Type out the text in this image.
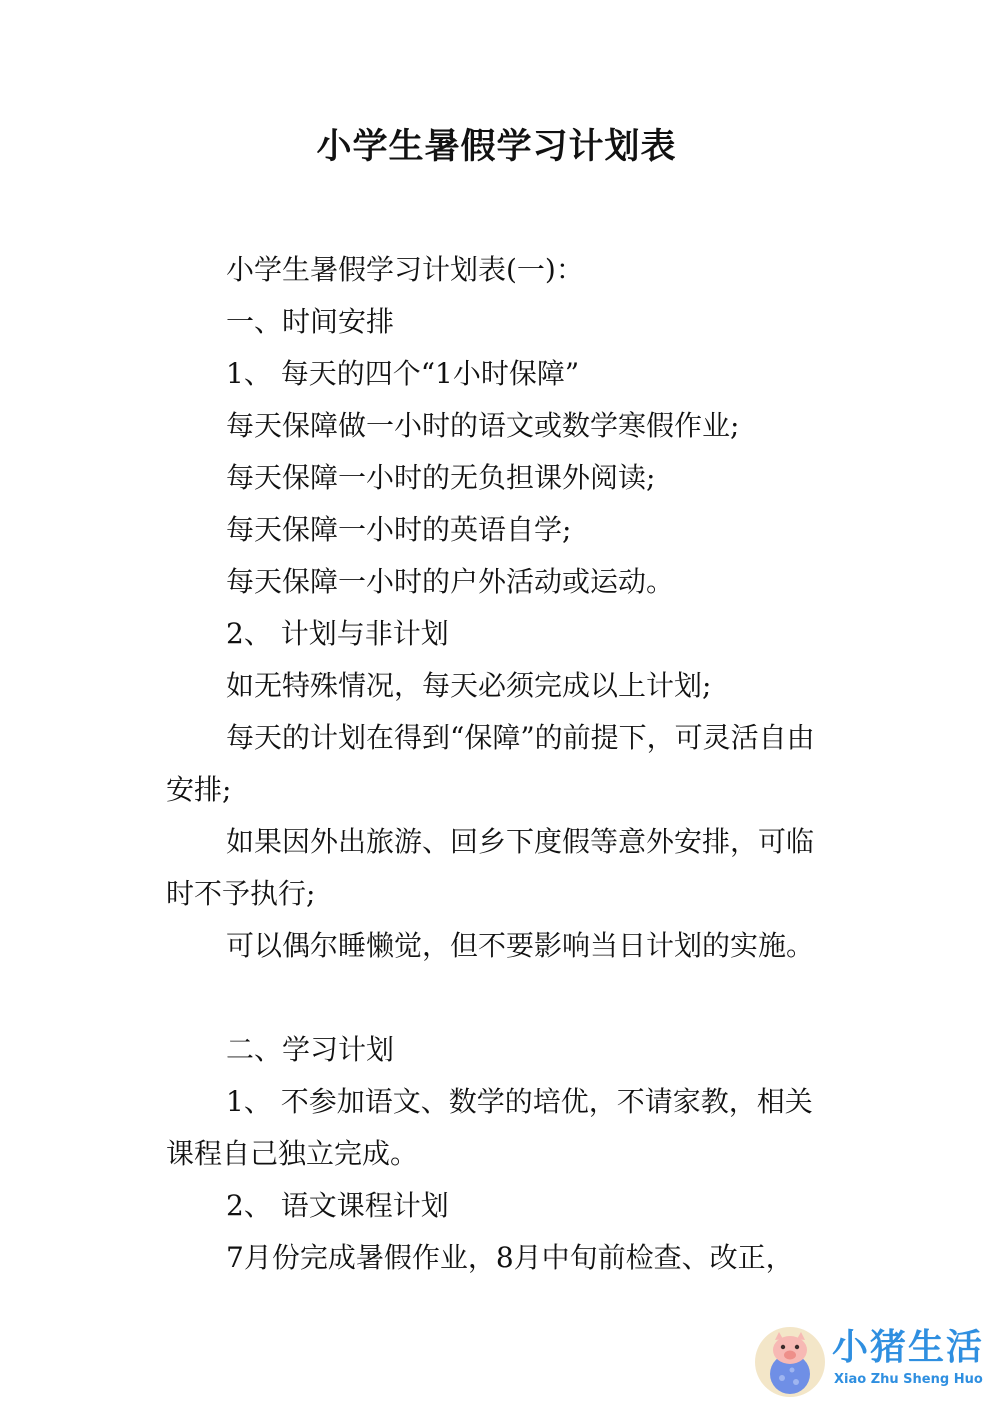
小学生暑假学习计划表

小学生暑假学习计划表(一)：

一、时间安排

1、 每天的四个“1小时保障”

每天保障做一小时的语文或数学寒假作业;

每天保障一小时的无负担课外阅读;

每天保障一小时的英语自学;

每天保障一小时的户外活动或运动。

2、 计划与非计划

如无特殊情况，每天必须完成以上计划;

每天的计划在得到“保障”的前提下，可灵活自由安排;

如果因外出旅游、回乡下度假等意外安排，可临时不予执行;

可以偶尔睡懒觉，但不要影响当日计划的实施。

二、学习计划

1、 不参加语文、数学的培优，不请家教，相关课程自己独立完成。

2、 语文课程计划

7月份完成暑假作业，8月中旬前检查、改正，

小猪生活
Xiao Zhu Sheng Huo
